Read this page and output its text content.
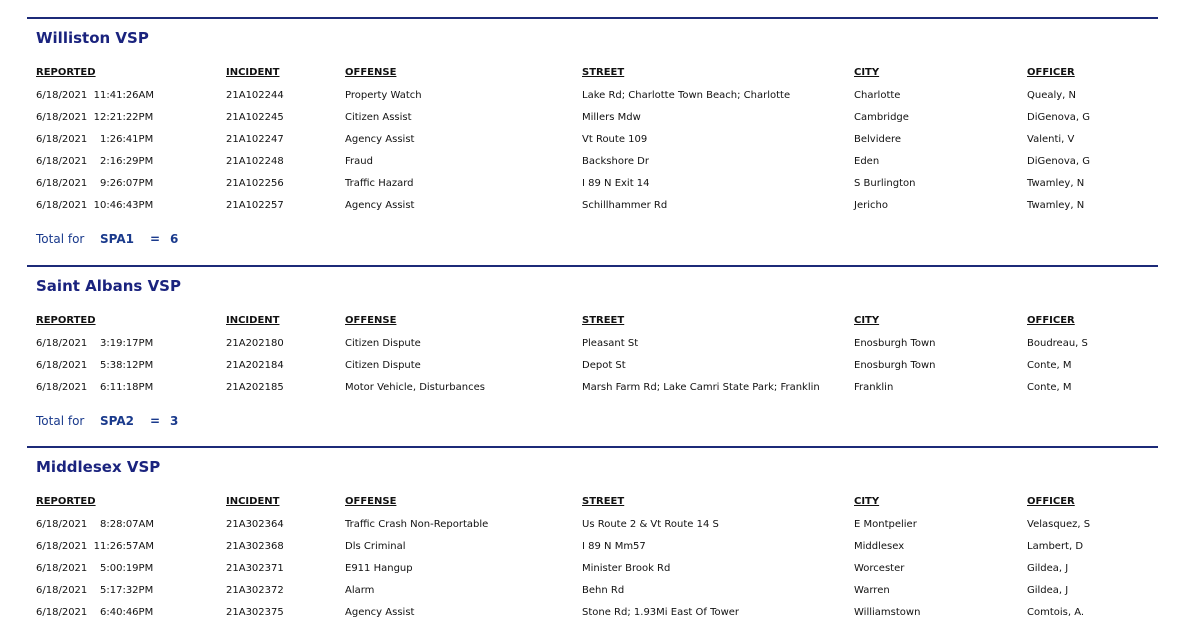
Williston VSP
REPORTED	INCIDENT	OFFENSE	STREET	CITY	OFFICER
6/18/2021  11:41:26AM	21A102244	Property Watch	Lake Rd; Charlotte Town Beach; Charlotte	Charlotte	Quealy, N
6/18/2021  12:21:22PM	21A102245	Citizen Assist	Millers Mdw	Cambridge	DiGenova, G
6/18/2021    1:26:41PM	21A102247	Agency Assist	Vt Route 109	Belvidere	Valenti, V
6/18/2021    2:16:29PM	21A102248	Fraud	Backshore Dr	Eden	DiGenova, G
6/18/2021    9:26:07PM	21A102256	Traffic Hazard	I 89 N Exit 14	S Burlington	Twamley, N
6/18/2021  10:46:43PM	21A102257	Agency Assist	Schillhammer Rd	Jericho	Twamley, N
Total for SPA1 = 6
Saint Albans VSP
REPORTED	INCIDENT	OFFENSE	STREET	CITY	OFFICER
6/18/2021    3:19:17PM	21A202180	Citizen Dispute	Pleasant St	Enosburgh Town	Boudreau, S
6/18/2021    5:38:12PM	21A202184	Citizen Dispute	Depot St	Enosburgh Town	Conte, M
6/18/2021    6:11:18PM	21A202185	Motor Vehicle, Disturbances	Marsh Farm Rd; Lake Camri State Park; Franklin	Franklin	Conte, M
Total for SPA2 = 3
Middlesex VSP
REPORTED	INCIDENT	OFFENSE	STREET	CITY	OFFICER
6/18/2021    8:28:07AM	21A302364	Traffic Crash Non-Reportable	Us Route 2 & Vt Route 14 S	E Montpelier	Velasquez, S
6/18/2021  11:26:57AM	21A302368	Dls Criminal	I 89 N Mm57	Middlesex	Lambert, D
6/18/2021    5:00:19PM	21A302371	E911 Hangup	Minister Brook Rd	Worcester	Gildea, J
6/18/2021    5:17:32PM	21A302372	Alarm	Behn Rd	Warren	Gildea, J
6/18/2021    6:40:46PM	21A302375	Agency Assist	Stone Rd; 1.93Mi East Of Tower	Williamstown	Comtois, A.
